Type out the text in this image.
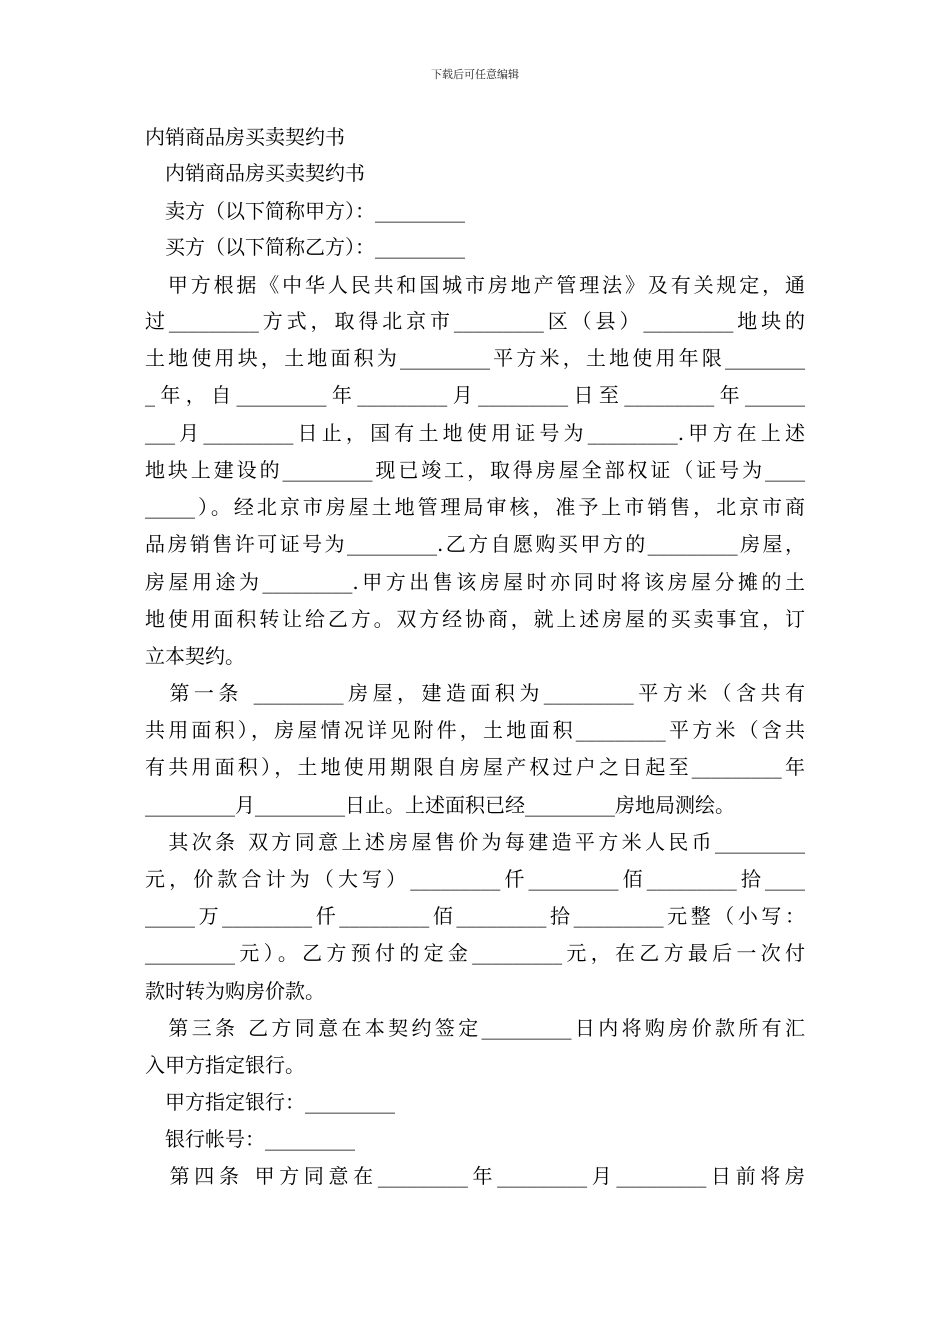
下载后可任意编辑
内销商品房买卖契约书
　内销商品房买卖契约书
　卖方（以下简称甲方）：_________
　买方（以下简称乙方）：_________
　甲方根据《中华人民共和国城市房地产管理法》及有关规定，通
过_________方式，取得北京市_________区（县）_________地块的
土地使用块，土地面积为_________平方米，土地使用年限________
_年，自_________年_________月_________日至_________年______
___月_________日止，国有土地使用证号为_________.甲方在上述
地块上建设的_________现已竣工，取得房屋全部权证（证号为____
_____）。经北京市房屋土地管理局审核，准予上市销售，北京市商
品房销售许可证号为_________.乙方自愿购买甲方的_________房屋，
房屋用途为_________.甲方出售该房屋时亦同时将该房屋分摊的土
地使用面积转让给乙方。双方经协商，就上述房屋的买卖事宜，订
立本契约。
　第一条 _________房屋，建造面积为_________平方米（含共有
共用面积），房屋情况详见附件，土地面积_________平方米（含共
有共用面积），土地使用期限自房屋产权过户之日起至_________年
_________月_________日止。上述面积已经_________房地局测绘。
　其次条 双方同意上述房屋售价为每建造平方米人民币_________
元，价款合计为（大写）_________仟_________佰_________拾____
_____万_________仟_________佰_________拾_________元整（小写：
_________元）。乙方预付的定金_________元，在乙方最后一次付
款时转为购房价款。
　第三条 乙方同意在本契约签定_________日内将购房价款所有汇
入甲方指定银行。
　甲方指定银行：_________
　银行帐号：_________
　第四条 甲方同意在_________年_________月_________日前将房
